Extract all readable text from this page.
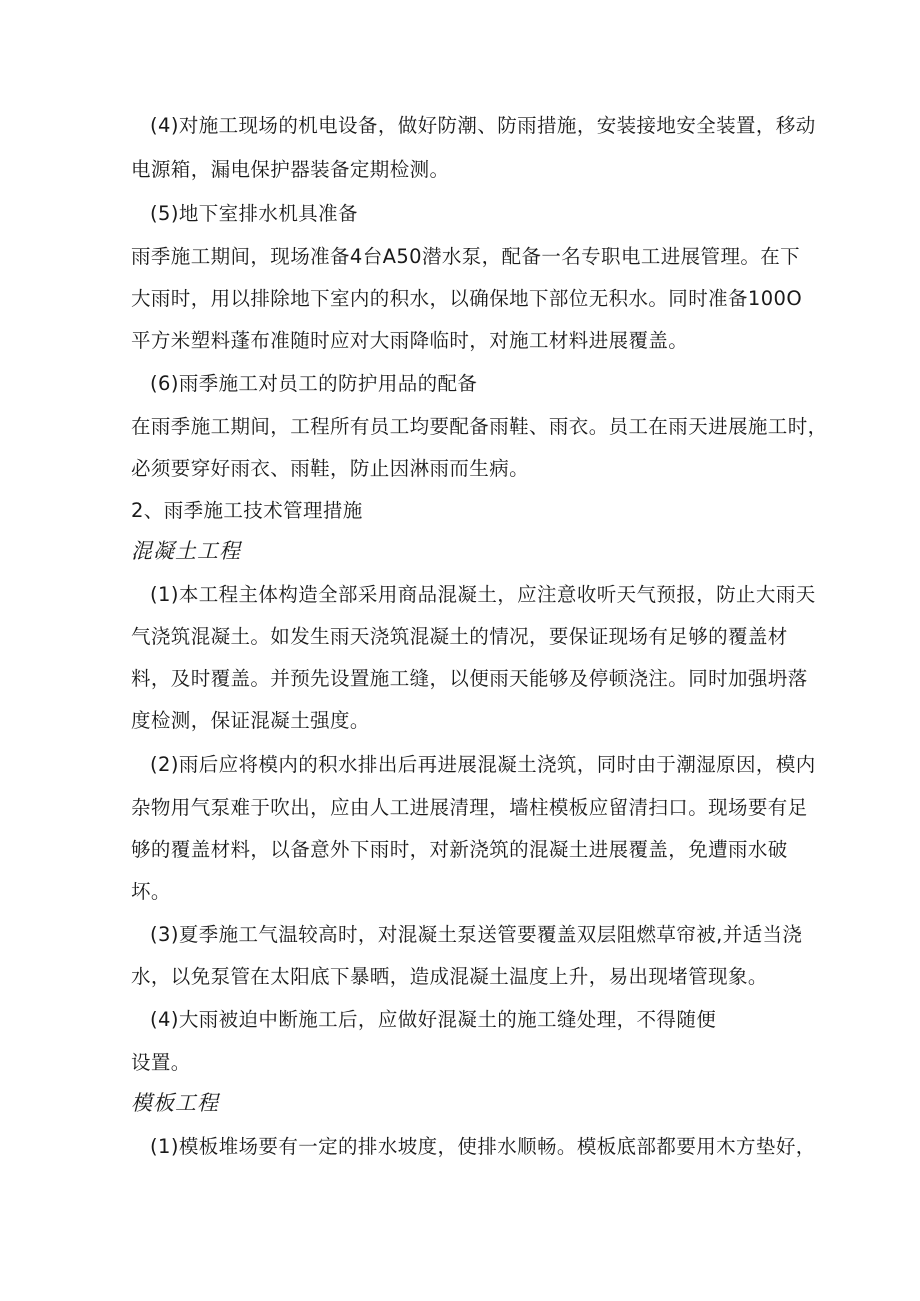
(4)对施工现场的机电设备，做好防潮、防雨措施，安装接地安全装置，移动
电源箱，漏电保护器装备定期检测。
(5)地下室排水机具准备
雨季施工期间，现场准备4台A50潜水泵，配备一名专职电工进展管理。在下
大雨时，用以排除地下室内的积水，以确保地下部位无积水。同时准备100O
平方米塑料蓬布准随时应对大雨降临时，对施工材料进展覆盖。
(6)雨季施工对员工的防护用品的配备
在雨季施工期间，工程所有员工均要配备雨鞋、雨衣。员工在雨天进展施工时，
必须要穿好雨衣、雨鞋，防止因淋雨而生病。
2、雨季施工技术管理措施
混凝土工程
(1)本工程主体构造全部采用商品混凝土，应注意收听天气预报，防止大雨天
气浇筑混凝土。如发生雨天浇筑混凝土的情况，要保证现场有足够的覆盖材
料，及时覆盖。并预先设置施工缝，以便雨天能够及停顿浇注。同时加强坍落
度检测，保证混凝土强度。
(2)雨后应将模内的积水排出后再进展混凝土浇筑，同时由于潮湿原因，模内
杂物用气泵难于吹出，应由人工进展清理，墙柱模板应留清扫口。现场要有足
够的覆盖材料，以备意外下雨时，对新浇筑的混凝土进展覆盖，免遭雨水破
坏。
(3)夏季施工气温较高时，对混凝土泵送管要覆盖双层阻燃草帘被,并适当浇
水，以免泵管在太阳底下暴晒，造成混凝土温度上升，易出现堵管现象。
(4)大雨被迫中断施工后，应做好混凝土的施工缝处理，不得随便
设置。
模板工程
(1)模板堆场要有一定的排水坡度，使排水顺畅。模板底部都要用木方垫好，
